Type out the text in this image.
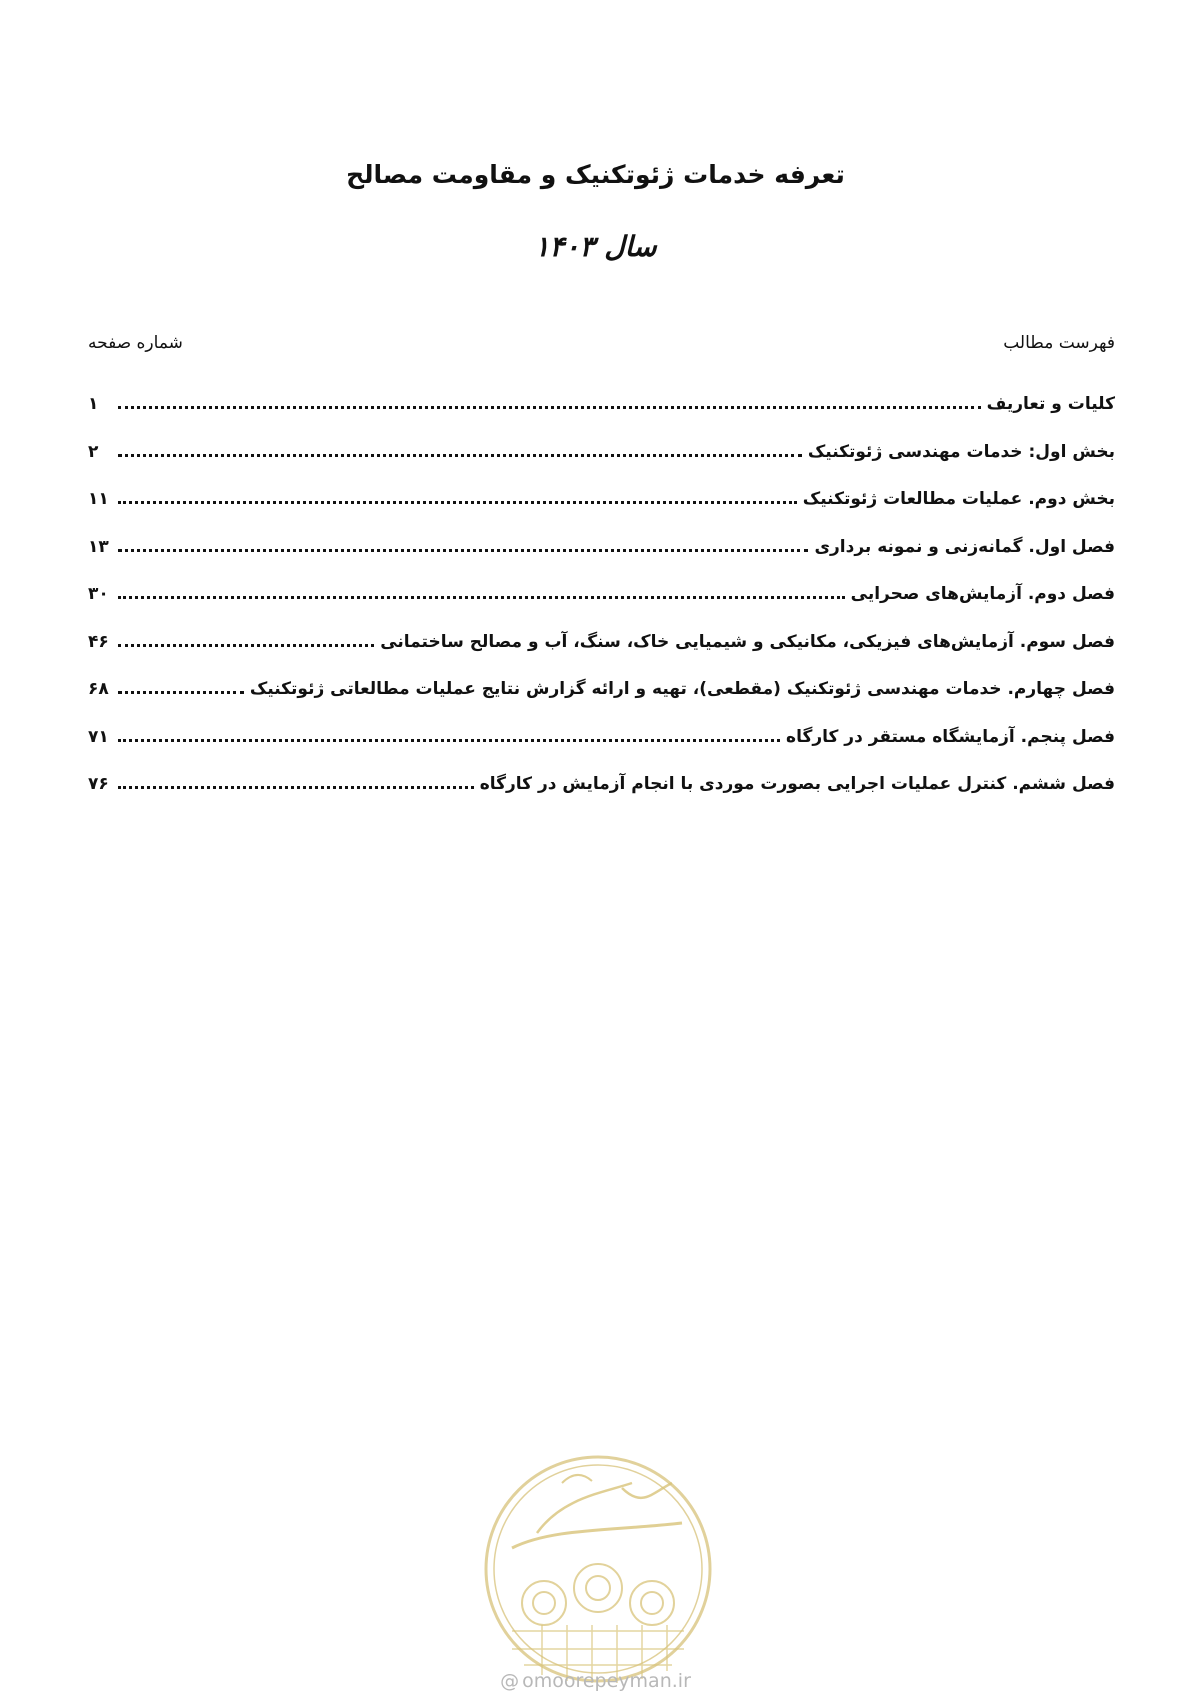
تعرفه خدمات ژئوتکنیک و مقاومت مصالح
سال ۱۴۰۳
فهرست مطالب
شماره صفحه
کلیات و تعاریف
۱
بخش اول: خدمات مهندسی ژئوتکنیک
۲
بخش دوم. عملیات مطالعات ژئوتکنیک
۱۱
فصل اول. گمانه‌زنی و نمونه برداری
۱۳
فصل دوم. آزمایش‌های صحرایی
۳۰
فصل سوم. آزمایش‌های فیزیکی، مکانیکی و شیمیایی خاک، سنگ، آب و مصالح ساختمانی
۴۶
فصل چهارم. خدمات مهندسی ژئوتکنیک (مقطعی)، تهیه و ارائه گزارش نتایج عملیات مطالعاتی ژئوتکنیک
۶۸
فصل پنجم. آزمایشگاه مستقر در کارگاه
۷۱
فصل ششم. کنترل عملیات اجرایی بصورت موردی با انجام آزمایش در کارگاه
۷۶
@ omoorepeyman.ir
